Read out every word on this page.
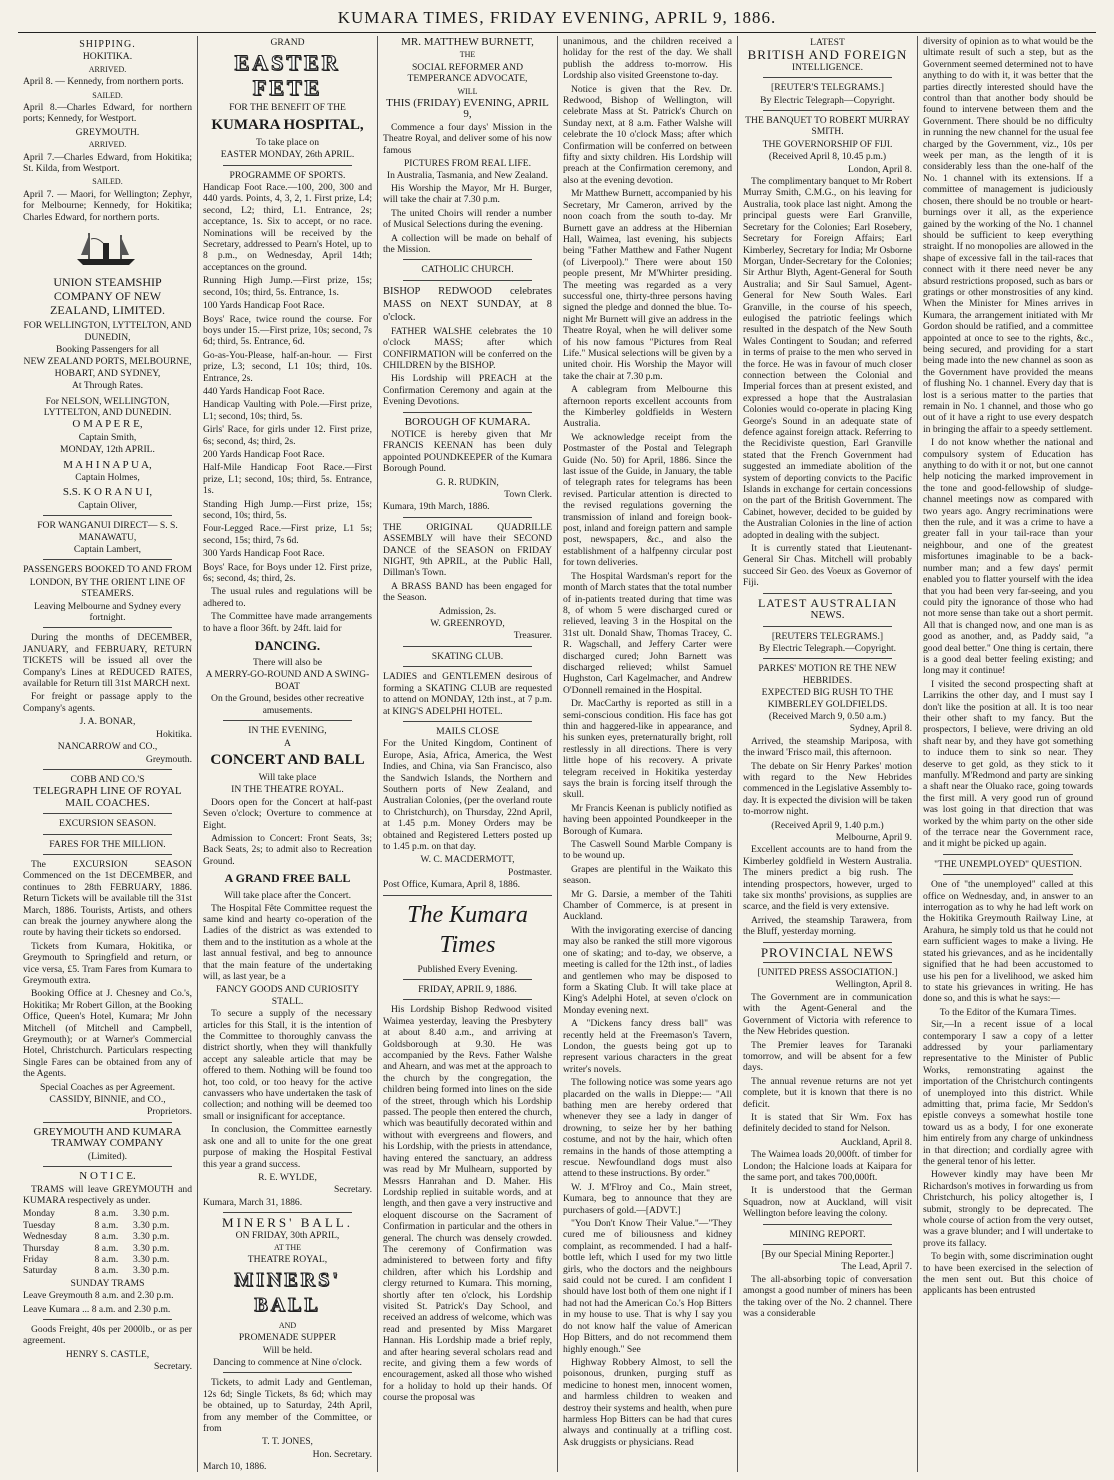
KUMARA TIMES, FRIDAY EVENING, APRIL 9, 1886.
SHIPPING.
HOKITIKA.
ARRIVED.
April 8. — Kennedy, from northern ports.
SAILED.
April 8.—Charles Edward, for northern ports; Kennedy, for Westport.
GREYMOUTH.
ARRIVED.
April 7.—Charles Edward, from Hokitika; St. Kilda, from Westport.
SAILED.
April 7. — Maori, for Wellington; Zephyr, for Melbourne; Kennedy, for Hokitika; Charles Edward, for northern ports.
UNION STEAMSHIP COMPANY OF NEW ZEALAND, LIMITED.
FOR WELLINGTON, LYTTELTON, AND DUNEDIN,
Booking Passengers for all
NEW ZEALAND PORTS, MELBOURNE, HOBART, AND SYDNEY,
At Through Rates.
For NELSON, WELLINGTON, LYTTELTON, AND DUNEDIN.
O M A P E R E,
Captain Smith,
MONDAY, 12th APRIL.
M A H I N A P U A,
Captain Holmes,
S.S. K O R A N U I,
Captain Oliver,
FOR WANGANUI DIRECT— S. S. MANAWATU,
Captain Lambert,
PASSENGERS BOOKED TO AND FROM
LONDON, BY THE ORIENT LINE OF STEAMERS.
Leaving Melbourne and Sydney every fortnight.
During the months of DECEMBER, JANUARY, and FEBRUARY, RETURN TICKETS will be issued all over the Company's Lines at REDUCED RATES, available for Return till 31st MARCH next.
For freight or passage apply to the Company's agents.
J. A. BONAR,
Hokitika.
NANCARROW and CO.,
Greymouth.
COBB AND CO.'S
TELEGRAPH LINE OF ROYAL MAIL COACHES.
EXCURSION SEASON.
FARES FOR THE MILLION.
The EXCURSION SEASON Commenced on the 1st DECEMBER, and continues to 28th FEBRUARY, 1886. Return Tickets will be available till the 31st March, 1886. Tourists, Artists, and others can break the journey anywhere along the route by having their tickets so endorsed.
Tickets from Kumara, Hokitika, or Greymouth to Springfield and return, or vice versa, £5. Tram Fares from Kumara to Greymouth extra.
Booking Office at J. Chesney and Co.'s, Hokitika; Mr Robert Gillon, at the Booking Office, Queen's Hotel, Kumara; Mr John Mitchell (of Mitchell and Campbell, Greymouth); or at Warner's Commercial Hotel, Christchurch. Particulars respecting Single Fares can be obtained from any of the Agents.
Special Coaches as per Agreement.
CASSIDY, BINNIE, and CO.,
Proprietors.
GREYMOUTH AND KUMARA TRAMWAY COMPANY
(Limited).
N O T I C E.
TRAMS will leave GREYMOUTH and KUMARA respectively as under.
Monday	8 a.m.	3.30 p.m.
Tuesday	8 a.m.	3.30 p.m.
Wednesday	8 a.m.	3.30 p.m.
Thursday	8 a.m.	3.30 p.m.
Friday	8 a.m.	3.30 p.m.
Saturday	8 a.m.	3.30 p.m.
SUNDAY TRAMS
Leave Greymouth 8 a.m. and 2.30 p.m.
Leave Kumara ... 8 a.m. and 2.30 p.m.
Goods Freight, 40s per 2000lb., or as per agreement.
HENRY S. CASTLE,
Secretary.
GRAND
EASTER FETE
FOR THE BENEFIT OF THE
KUMARA HOSPITAL,
To take place on
EASTER MONDAY, 26th APRIL.
PROGRAMME OF SPORTS.
Handicap Foot Race.—100, 200, 300 and 440 yards. Points, 4, 3, 2, 1. First prize, L4; second, L2; third, L1. Entrance, 2s; acceptance, 1s. Six to accept, or no race. Nominations will be received by the Secretary, addressed to Pearn's Hotel, up to 8 p.m., on Wednesday, April 14th; acceptances on the ground.
Running High Jump.—First prize, 15s; second, 10s; third, 5s. Entrance, 1s.
100 Yards Handicap Foot Race.
Boys' Race, twice round the course. For boys under 15.—First prize, 10s; second, 7s 6d; third, 5s. Entrance, 6d.
Go-as-You-Please, half-an-hour. — First prize, L3; second, L1 10s; third, 10s. Entrance, 2s.
440 Yards Handicap Foot Race.
Handicap Vaulting with Pole.—First prize, L1; second, 10s; third, 5s.
Girls' Race, for girls under 12. First prize, 6s; second, 4s; third, 2s.
200 Yards Handicap Foot Race.
Half-Mile Handicap Foot Race.—First prize, L1; second, 10s; third, 5s. Entrance, 1s.
Standing High Jump.—First prize, 15s; second, 10s; third, 5s.
Four-Legged Race.—First prize, L1 5s; second, 15s; third, 7s 6d.
300 Yards Handicap Foot Race.
Boys' Race, for Boys under 12. First prize, 6s; second, 4s; third, 2s.
The usual rules and regulations will be adhered to.
The Committee have made arrangements to have a floor 36ft. by 24ft. laid for
DANCING.
There will also be
A MERRY-GO-ROUND AND A SWING-BOAT
On the Ground, besides other recreative amusements.
IN THE EVENING,
A
CONCERT AND BALL
Will take place
IN THE THEATRE ROYAL.
Doors open for the Concert at half-past Seven o'clock; Overture to commence at Eight.
Admission to Concert: Front Seats, 3s; Back Seats, 2s; to admit also to Recreation Ground.
A GRAND FREE BALL
Will take place after the Concert.
The Hospital Fête Committee request the same kind and hearty co-operation of the Ladies of the district as was extended to them and to the institution as a whole at the last annual festival, and beg to announce that the main feature of the undertaking will, as last year, be a
FANCY GOODS AND CURIOSITY STALL.
To secure a supply of the necessary articles for this Stall, it is the intention of the Committee to thoroughly canvass the district shortly, when they will thankfully accept any saleable article that may be offered to them. Nothing will be found too hot, too cold, or too heavy for the active canvassers who have undertaken the task of collection; and nothing will be deemed too small or insignificant for acceptance.
In conclusion, the Committee earnestly ask one and all to unite for the one great purpose of making the Hospital Festival this year a grand success.
R. E. WYLDE,
Secretary.
Kumara, March 31, 1886.
MINERS' BALL.
ON FRIDAY, 30th APRIL,
AT THE
THEATRE ROYAL,
MINERS' BALL
AND
PROMENADE SUPPER
Will be held.
Dancing to commence at Nine o'clock.
Tickets, to admit Lady and Gentleman, 12s 6d; Single Tickets, 8s 6d; which may be obtained, up to Saturday, 24th April, from any member of the Committee, or from
T. T. JONES,
Hon. Secretary.
March 10, 1886.
MR. MATTHEW BURNETT,
THE
SOCIAL REFORMER AND TEMPERANCE ADVOCATE,
WILL
THIS (FRIDAY) EVENING, APRIL 9,
Commence a four days' Mission in the Theatre Royal, and deliver some of his now famous
PICTURES FROM REAL LIFE.
In Australia, Tasmania, and New Zealand.
His Worship the Mayor, Mr H. Burger, will take the chair at 7.30 p.m.
The united Choirs will render a number of Musical Selections during the evening.
A collection will be made on behalf of the Mission.
CATHOLIC CHURCH.
BISHOP REDWOOD celebrates MASS on NEXT SUNDAY, at 8 o'clock.
FATHER WALSHE celebrates the 10 o'clock MASS; after which CONFIRMATION will be conferred on the CHILDREN by the BISHOP.
His Lordship will PREACH at the Confirmation Ceremony and again at the Evening Devotions.
BOROUGH OF KUMARA.
NOTICE is hereby given that Mr FRANCIS KEENAN has been duly appointed POUNDKEEPER of the Kumara Borough Pound.
G. R. RUDKIN,
Town Clerk.
Kumara, 19th March, 1886.
THE ORIGINAL QUADRILLE ASSEMBLY will have their SECOND DANCE of the SEASON on FRIDAY NIGHT, 9th APRIL, at the Public Hall, Dillman's Town.
A BRASS BAND has been engaged for the Season.
Admission, 2s.
W. GREENROYD,
Treasurer.
SKATING CLUB.
LADIES and GENTLEMEN desirous of forming a SKATING CLUB are requested to attend on MONDAY, 12th inst., at 7 p.m. at KING'S ADELPHI HOTEL.
MAILS CLOSE
For the United Kingdom, Continent of Europe, Asia, Africa, America, the West Indies, and China, via San Francisco, also the Sandwich Islands, the Northern and Southern ports of New Zealand, and Australian Colonies, (per the overland route to Christchurch), on Thursday, 22nd April, at 1.45 p.m. Money Orders may be obtained and Registered Letters posted up to 1.45 p.m. on that day.
W. C. MACDERMOTT,
Postmaster.
Post Office, Kumara, April 8, 1886.
The Kumara Times
Published Every Evening.
FRIDAY, APRIL 9, 1886.
His Lordship Bishop Redwood visited Waimea yesterday, leaving the Presbytery at about 8.40 a.m., and arriving at Goldsborough at 9.30. He was accompanied by the Revs. Father Walshe and Ahearn, and was met at the approach to the church by the congregation, the children being formed into lines on the side of the street, through which his Lordship passed. The people then entered the church, which was beautifully decorated within and without with evergreens and flowers, and his Lordship, with the priests in attendance, having entered the sanctuary, an address was read by Mr Mulhearn, supported by Messrs Hanrahan and D. Maher. His Lordship replied in suitable words, and at length, and then gave a very instructive and eloquent discourse on the Sacrament of Confirmation in particular and the others in general. The church was densely crowded. The ceremony of Confirmation was administered to between forty and fifty children, after which his Lordship and clergy returned to Kumara. This morning, shortly after ten o'clock, his Lordship visited St. Patrick's Day School, and received an address of welcome, which was read and presented by Miss Margaret Hannan. His Lordship made a brief reply, and after hearing several scholars read and recite, and giving them a few words of encouragement, asked all those who wished for a holiday to hold up their hands. Of course the proposal was
unanimous, and the children received a holiday for the rest of the day. We shall publish the address to-morrow. His Lordship also visited Greenstone to-day.
Notice is given that the Rev. Dr. Redwood, Bishop of Wellington, will celebrate Mass at St. Patrick's Church on Sunday next, at 8 a.m. Father Walshe will celebrate the 10 o'clock Mass; after which Confirmation will be conferred on between fifty and sixty children. His Lordship will preach at the Confirmation ceremony, and also at the evening devotion.
Mr Matthew Burnett, accompanied by his Secretary, Mr Cameron, arrived by the noon coach from the south to-day. Mr Burnett gave an address at the Hibernian Hall, Waimea, last evening, his subjects being "Father Matthew and Father Nugent (of Liverpool)." There were about 150 people present, Mr M'Whirter presiding. The meeting was regarded as a very successful one, thirty-three persons having signed the pledge and donned the blue. To-night Mr Burnett will give an address in the Theatre Royal, when he will deliver some of his now famous "Pictures from Real Life." Musical selections will be given by a united choir. His Worship the Mayor will take the chair at 7.30 p.m.
A cablegram from Melbourne this afternoon reports excellent accounts from the Kimberley goldfields in Western Australia.
We acknowledge receipt from the Postmaster of the Postal and Telegraph Guide (No. 50) for April, 1886. Since the last issue of the Guide, in January, the table of telegraph rates for telegrams has been revised. Particular attention is directed to the revised regulations governing the transmission of inland and foreign book-post, inland and foreign pattern and sample post, newspapers, &c., and also the establishment of a halfpenny circular post for town deliveries.
The Hospital Wardsman's report for the month of March states that the total number of in-patients treated during that time was 8, of whom 5 were discharged cured or relieved, leaving 3 in the Hospital on the 31st ult. Donald Shaw, Thomas Tracey, C. R. Wagschall, and Jeffery Carter were discharged cured; John Barnett was discharged relieved; whilst Samuel Hughston, Carl Kagelmacher, and Andrew O'Donnell remained in the Hospital.
Dr. MacCarthy is reported as still in a semi-conscious condition. His face has got thin and haggered-like in appearance, and his sunken eyes, preternaturally bright, roll restlessly in all directions. There is very little hope of his recovery. A private telegram received in Hokitika yesterday says the brain is forcing itself through the skull.
Mr Francis Keenan is publicly notified as having been appointed Poundkeeper in the Borough of Kumara.
The Caswell Sound Marble Company is to be wound up.
Grapes are plentiful in the Waikato this season.
Mr G. Darsie, a member of the Tahiti Chamber of Commerce, is at present in Auckland.
With the invigorating exercise of dancing may also be ranked the still more vigorous one of skating; and to-day, we observe, a meeting is called for the 12th inst., of ladies and gentlemen who may be disposed to form a Skating Club. It will take place at King's Adelphi Hotel, at seven o'clock on Monday evening next.
A "Dickens fancy dress ball" was recently held at the Freemason's Tavern, London, the guests being got up to represent various characters in the great writer's novels.
The following notice was some years ago placarded on the walls in Dieppe:— "All bathing men are hereby ordered that whenever they see a lady in danger of drowning, to seize her by her bathing costume, and not by the hair, which often remains in the hands of those attempting a rescue. Newfoundland dogs must also attend to these instructions. By order."
W. J. M'Flroy and Co., Main street, Kumara, beg to announce that they are purchasers of gold.—[ADVT.]
"You Don't Know Their Value."—"They cured me of biliousness and kidney complaint, as recommended. I had a half-bottle left, which I used for my two little girls, who the doctors and the neighbours said could not be cured. I am confident I should have lost both of them one night if I had not had the American Co.'s Hop Bitters in my house to use. That is why I say you do not know half the value of American Hop Bitters, and do not recommend them highly enough." See
Highway Robbery Almost, to sell the poisonous, drunken, purging stuff as medicine to honest men, innocent women, and harmless children to weaken and destroy their systems and health, when pure harmless Hop Bitters can be had that cures always and continually at a trifling cost. Ask druggists or physicians. Read
LATEST
BRITISH AND FOREIGN
INTELLIGENCE.
[REUTER'S TELEGRAMS.]
By Electric Telegraph—Copyright.
THE BANQUET TO ROBERT MURRAY SMITH.
THE GOVERNORSHIP OF FIJI.
(Received April 8, 10.45 p.m.)
London, April 8.
The complimentary banquet to Mr Robert Murray Smith, C.M.G., on his leaving for Australia, took place last night. Among the principal guests were Earl Granville, Secretary for the Colonies; Earl Rosebery, Secretary for Foreign Affairs; Earl Kimberley, Secretary for India; Mr Osborne Morgan, Under-Secretary for the Colonies; Sir Arthur Blyth, Agent-General for South Australia; and Sir Saul Samuel, Agent-General for New South Wales. Earl Granville, in the course of his speech, eulogised the patriotic feelings which resulted in the despatch of the New South Wales Contingent to Soudan; and referred in terms of praise to the men who served in the force. He was in favour of much closer connection between the Colonial and Imperial forces than at present existed, and expressed a hope that the Australasian Colonies would co-operate in placing King George's Sound in an adequate state of defence against foreign attack. Referring to the Recidiviste question, Earl Granville stated that the French Government had suggested an immediate abolition of the system of deporting convicts to the Pacific Islands in exchange for certain concessions on the part of the British Government. The Cabinet, however, decided to be guided by the Australian Colonies in the line of action adopted in dealing with the subject.
It is currently stated that Lieutenant-General Sir Chas. Mitchell will probably succeed Sir Geo. des Voeux as Governor of Fiji.
LATEST AUSTRALIAN
NEWS.
[REUTERS TELEGRAMS.]
By Electric Telegraph.—Copyright.
PARKES' MOTION RE THE NEW HEBRIDES.
EXPECTED BIG RUSH TO THE KIMBERLEY GOLDFIELDS.
(Received March 9, 0.50 a.m.)
Sydney, April 8.
Arrived, the steamship Mariposa, with the inward 'Frisco mail, this afternoon.
The debate on Sir Henry Parkes' motion with regard to the New Hebrides commenced in the Legislative Assembly to-day. It is expected the division will be taken to-morrow night.
(Received April 9, 1.40 p.m.)
Melbourne, April 9.
Excellent accounts are to hand from the Kimberley goldfield in Western Australia. The miners predict a big rush. The intending prospectors, however, urged to take six months' provisions, as supplies are scarce, and the field is very extensive.
Arrived, the steamship Tarawera, from the Bluff, yesterday morning.
PROVINCIAL NEWS
[UNITED PRESS ASSOCIATION.]
Wellington, April 8.
The Government are in communication with the Agent-General and the Government of Victoria with reference to the New Hebrides question.
The Premier leaves for Taranaki tomorrow, and will be absent for a few days.
The annual revenue returns are not yet complete, but it is known that there is no deficit.
It is stated that Sir Wm. Fox has definitely decided to stand for Nelson.
Auckland, April 8.
The Waimea loads 20,000ft. of timber for London; the Halcione loads at Kaipara for the same port, and takes 700,000ft.
It is understood that the German Squadron, now at Auckland, will visit Wellington before leaving the colony.
MINING REPORT.
[By our Special Mining Reporter.]
The Lead, April 7.
The all-absorbing topic of conversation amongst a good number of miners has been the taking over of the No. 2 channel. There was a considerable
diversity of opinion as to what would be the ultimate result of such a step, but as the Government seemed determined not to have anything to do with it, it was better that the parties directly interested should have the control than that another body should be found to intervene between them and the Government. There should be no difficulty in running the new channel for the usual fee charged by the Government, viz., 10s per week per man, as the length of it is considerably less than the one-half of the No. 1 channel with its extensions. If a committee of management is judiciously chosen, there should be no trouble or heart-burnings over it all, as the experience gained by the working of the No. 1 channel should be sufficient to keep everything straight. If no monopolies are allowed in the shape of excessive fall in the tail-races that connect with it there need never be any absurd restrictions proposed, such as bars or gratings or other monstrosities of any kind. When the Minister for Mines arrives in Kumara, the arrangement initiated with Mr Gordon should be ratified, and a committee appointed at once to see to the rights, &c., being secured, and providing for a start being made into the new channel as soon as the Government have provided the means of flushing No. 1 channel. Every day that is lost is a serious matter to the parties that remain in No. 1 channel, and those who go out of it have a right to use every despatch in bringing the affair to a speedy settlement.
I do not know whether the national and compulsory system of Education has anything to do with it or not, but one cannot help noticing the marked improvement in the tone and good-fellowship of sludge-channel meetings now as compared with two years ago. Angry recriminations were then the rule, and it was a crime to have a greater fall in your tail-race than your neighbour, and one of the greatest misfortunes imaginable to be a back-number man; and a few days' permit enabled you to flatter yourself with the idea that you had been very far-seeing, and you could pity the ignorance of those who had not more sense than take out a short permit. All that is changed now, and one man is as good as another, and, as Paddy said, "a good deal better." One thing is certain, there is a good deal better feeling existing; and long may it continue!
I visited the second prospecting shaft at Larrikins the other day, and I must say I don't like the position at all. It is too near their other shaft to my fancy. But the prospectors, I believe, were driving an old shaft near by, and they have got something to induce them to sink so near. They deserve to get gold, as they stick to it manfully. M'Redmond and party are sinking a shaft near the Oluako race, going towards the first mill. A very good run of ground was lost going in that direction that was worked by the whim party on the other side of the terrace near the Government race, and it might be picked up again.
"THE UNEMPLOYED" QUESTION.
One of "the unemployed" called at this office on Wednesday, and, in answer to an interrogation as to why he had left work on the Hokitika Greymouth Railway Line, at Arahura, he simply told us that he could not earn sufficient wages to make a living. He stated his grievances, and as he incidentally signified that he had been accustomed to use his pen for a livelihood, we asked him to state his grievances in writing. He has done so, and this is what he says:—
To the Editor of the Kumara Times.
Sir,—In a recent issue of a local contemporary I saw a copy of a letter addressed by your parliamentary representative to the Minister of Public Works, remonstrating against the importation of the Christchurch contingents of unemployed into this district. While admitting that, prima facie, Mr Seddon's epistle conveys a somewhat hostile tone toward us as a body, I for one exonerate him entirely from any charge of unkindness in that direction; and cordially agree with the general tenor of his letter.
However kindly may have been Mr Richardson's motives in forwarding us from Christchurch, his policy altogether is, I submit, strongly to be deprecated. The whole course of action from the very outset, was a grave blunder; and I will undertake to prove its fallacy.
To begin with, some discrimination ought to have been exercised in the selection of the men sent out. But this choice of applicants has been entrusted
